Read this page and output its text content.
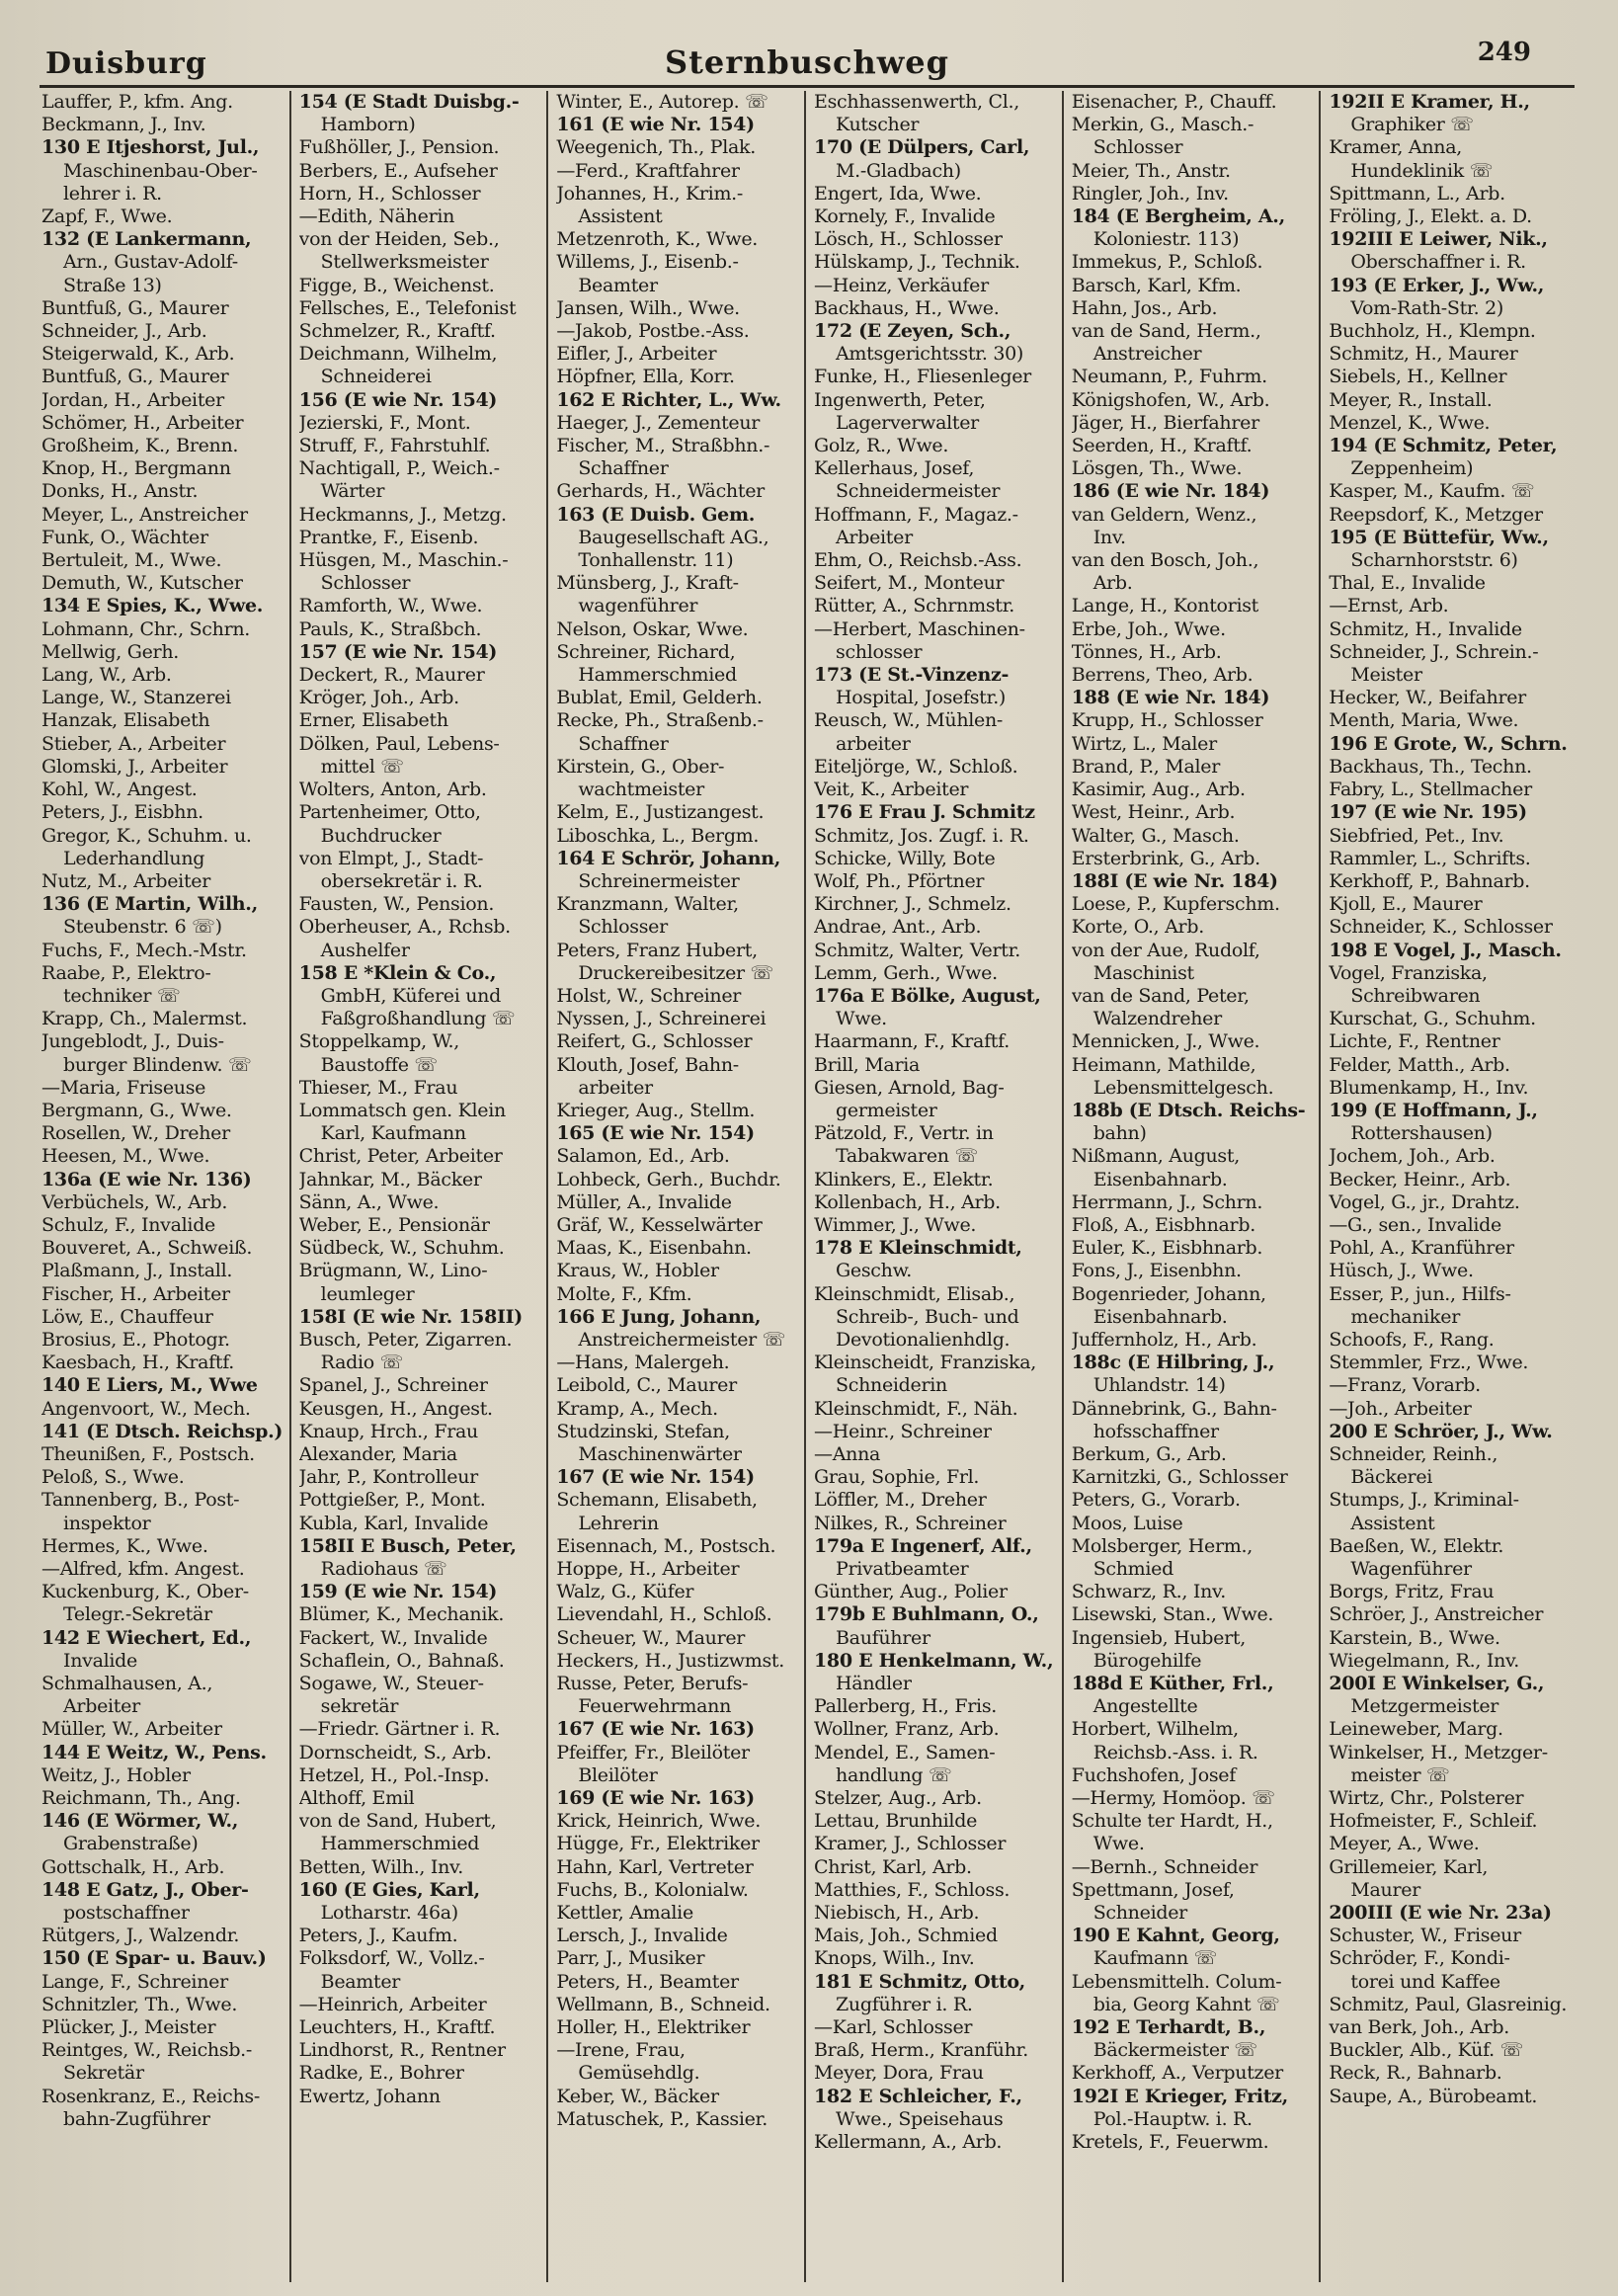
Duisburg	Sternbuschweg	249
Lauffer, P., kfm. Ang.
Beckmann, J., Inv.
130 E Itjeshorst, Jul.,
Maschinenbau-Ober-
lehrer i. R.
Zapf, F., Wwe.
132 (E Lankermann,
Arn., Gustav-Adolf-
Straße 13)
Buntfuß, G., Maurer
Schneider, J., Arb.
Steigerwald, K., Arb.
Buntfuß, G., Maurer
Jordan, H., Arbeiter
Schömer, H., Arbeiter
Großheim, K., Brenn.
Knop, H., Bergmann
Donks, H., Anstr.
Meyer, L., Anstreicher
Funk, O., Wächter
Bertuleit, M., Wwe.
Demuth, W., Kutscher
134 E Spies, K., Wwe.
Lohmann, Chr., Schrn.
Mellwig, Gerh.
Lang, W., Arb.
Lange, W., Stanzerei
Hanzak, Elisabeth
Stieber, A., Arbeiter
Glomski, J., Arbeiter
Kohl, W., Angest.
Peters, J., Eisbhn.
Gregor, K., Schuhm. u.
Lederhandlung
Nutz, M., Arbeiter
136 (E Martin, Wilh.,
Steubenstr. 6 ☏)
Fuchs, F., Mech.-Mstr.
Raabe, P., Elektro-
techniker ☏
Krapp, Ch., Malermst.
Jungeblodt, J., Duis-
burger Blindenw. ☏
—Maria, Friseuse
Bergmann, G., Wwe.
Rosellen, W., Dreher
Heesen, M., Wwe.
136a (E wie Nr. 136)
Verbüchels, W., Arb.
Schulz, F., Invalide
Bouveret, A., Schweiß.
Plaßmann, J., Install.
Fischer, H., Arbeiter
Löw, E., Chauffeur
Brosius, E., Photogr.
Kaesbach, H., Kraftf.
140 E Liers, M., Wwe
Angenvoort, W., Mech.
141 (E Dtsch. Reichsp.)
Theunißen, F., Postsch.
Peloß, S., Wwe.
Tannenberg, B., Post-
inspektor
Hermes, K., Wwe.
—Alfred, kfm. Angest.
Kuckenburg, K., Ober-
Telegr.-Sekretär
142 E Wiechert, Ed.,
Invalide
Schmalhausen, A.,
Arbeiter
Müller, W., Arbeiter
144 E Weitz, W., Pens.
Weitz, J., Hobler
Reichmann, Th., Ang.
146 (E Wörmer, W.,
Grabenstraße)
Gottschalk, H., Arb.
148 E Gatz, J., Ober-
postschaffner
Rütgers, J., Walzendr.
150 (E Spar- u. Bauv.)
Lange, F., Schreiner
Schnitzler, Th., Wwe.
Plücker, J., Meister
Reintges, W., Reichsb.-
Sekretär
Rosenkranz, E., Reichs-
bahn-Zugführer
154 (E Stadt Duisbg.-
Hamborn)
Fußhöller, J., Pension.
Berbers, E., Aufseher
Horn, H., Schlosser
—Edith, Näherin
von der Heiden, Seb.,
Stellwerksmeister
Figge, B., Weichenst.
Fellsches, E., Telefonist
Schmelzer, R., Kraftf.
Deichmann, Wilhelm,
Schneiderei
156 (E wie Nr. 154)
Jezierski, F., Mont.
Struff, F., Fahrstuhlf.
Nachtigall, P., Weich.-
Wärter
Heckmanns, J., Metzg.
Prantke, F., Eisenb.
Hüsgen, M., Maschin.-
Schlosser
Ramforth, W., Wwe.
Pauls, K., Straßbch.
157 (E wie Nr. 154)
Deckert, R., Maurer
Kröger, Joh., Arb.
Erner, Elisabeth
Dölken, Paul, Lebens-
mittel ☏
Wolters, Anton, Arb.
Partenheimer, Otto,
Buchdrucker
von Elmpt, J., Stadt-
obersekretär i. R.
Fausten, W., Pension.
Oberheuser, A., Rchsb.
Aushelfer
158 E *Klein & Co.,
GmbH, Küferei und
Faßgroßhandlung ☏
Stoppelkamp, W.,
Baustoffe ☏
Thieser, M., Frau
Lommatsch gen. Klein
Karl, Kaufmann
Christ, Peter, Arbeiter
Jahnkar, M., Bäcker
Sänn, A., Wwe.
Weber, E., Pensionär
Südbeck, W., Schuhm.
Brügmann, W., Lino-
leumleger
158I (E wie Nr. 158II)
Busch, Peter, Zigarren.
Radio ☏
Spanel, J., Schreiner
Keusgen, H., Angest.
Knaup, Hrch., Frau
Alexander, Maria
Jahr, P., Kontrolleur
Pottgießer, P., Mont.
Kubla, Karl, Invalide
158II E Busch, Peter,
Radiohaus ☏
159 (E wie Nr. 154)
Blümer, K., Mechanik.
Fackert, W., Invalide
Schaflein, O., Bahnaß.
Sogawe, W., Steuer-
sekretär
—Friedr. Gärtner i. R.
Dornscheidt, S., Arb.
Hetzel, H., Pol.-Insp.
Althoff, Emil
von de Sand, Hubert,
Hammerschmied
Betten, Wilh., Inv.
160 (E Gies, Karl,
Lotharstr. 46a)
Peters, J., Kaufm.
Folksdorf, W., Vollz.-
Beamter
—Heinrich, Arbeiter
Leuchters, H., Kraftf.
Lindhorst, R., Rentner
Radke, E., Bohrer
Ewertz, Johann
Winter, E., Autorep. ☏
161 (E wie Nr. 154)
Weegenich, Th., Plak.
—Ferd., Kraftfahrer
Johannes, H., Krim.-
Assistent
Metzenroth, K., Wwe.
Willems, J., Eisenb.-
Beamter
Jansen, Wilh., Wwe.
—Jakob, Postbe.-Ass.
Eifler, J., Arbeiter
Höpfner, Ella, Korr.
162 E Richter, L., Ww.
Haeger, J., Zementeur
Fischer, M., Straßbhn.-
Schaffner
Gerhards, H., Wächter
163 (E Duisb. Gem.
Baugesellschaft AG.,
Tonhallenstr. 11)
Münsberg, J., Kraft-
wagenführer
Nelson, Oskar, Wwe.
Schreiner, Richard,
Hammerschmied
Bublat, Emil, Gelderh.
Recke, Ph., Straßenb.-
Schaffner
Kirstein, G., Ober-
wachtmeister
Kelm, E., Justizangest.
Liboschka, L., Bergm.
164 E Schrör, Johann,
Schreinermeister
Kranzmann, Walter,
Schlosser
Peters, Franz Hubert,
Druckereibesitzer ☏
Holst, W., Schreiner
Nyssen, J., Schreinerei
Reifert, G., Schlosser
Klouth, Josef, Bahn-
arbeiter
Krieger, Aug., Stellm.
165 (E wie Nr. 154)
Salamon, Ed., Arb.
Lohbeck, Gerh., Buchdr.
Müller, A., Invalide
Gräf, W., Kesselwärter
Maas, K., Eisenbahn.
Kraus, W., Hobler
Molte, F., Kfm.
166 E Jung, Johann,
Anstreichermeister ☏
—Hans, Malergeh.
Leibold, C., Maurer
Kramp, A., Mech.
Studzinski, Stefan,
Maschinenwärter
167 (E wie Nr. 154)
Schemann, Elisabeth,
Lehrerin
Eisennach, M., Postsch.
Hoppe, H., Arbeiter
Walz, G., Küfer
Lievendahl, H., Schloß.
Scheuer, W., Maurer
Heckers, H., Justizwmst.
Russe, Peter, Berufs-
Feuerwehrmann
167 (E wie Nr. 163)
Pfeiffer, Fr., Bleilöter
Bleilöter
169 (E wie Nr. 163)
Krick, Heinrich, Wwe.
Hügge, Fr., Elektriker
Hahn, Karl, Vertreter
Fuchs, B., Kolonialw.
Kettler, Amalie
Lersch, J., Invalide
Parr, J., Musiker
Peters, H., Beamter
Wellmann, B., Schneid.
Holler, H., Elektriker
—Irene, Frau,
Gemüsehdlg.
Keber, W., Bäcker
Matuschek, P., Kassier.
Eschhassenwerth, Cl.,
Kutscher
170 (E Dülpers, Carl,
M.-Gladbach)
Engert, Ida, Wwe.
Kornely, F., Invalide
Lösch, H., Schlosser
Hülskamp, J., Technik.
—Heinz, Verkäufer
Backhaus, H., Wwe.
172 (E Zeyen, Sch.,
Amtsgerichtsstr. 30)
Funke, H., Fliesenleger
Ingenwerth, Peter,
Lagerverwalter
Golz, R., Wwe.
Kellerhaus, Josef,
Schneidermeister
Hoffmann, F., Magaz.-
Arbeiter
Ehm, O., Reichsb.-Ass.
Seifert, M., Monteur
Rütter, A., Schrnmstr.
—Herbert, Maschinen-
schlosser
173 (E St.-Vinzenz-
Hospital, Josefstr.)
Reusch, W., Mühlen-
arbeiter
Eiteljörge, W., Schloß.
Veit, K., Arbeiter
176 E Frau J. Schmitz
Schmitz, Jos. Zugf. i. R.
Schicke, Willy, Bote
Wolf, Ph., Pförtner
Kirchner, J., Schmelz.
Andrae, Ant., Arb.
Schmitz, Walter, Vertr.
Lemm, Gerh., Wwe.
176a E Bölke, August,
Wwe.
Haarmann, F., Kraftf.
Brill, Maria
Giesen, Arnold, Bag-
germeister
Pätzold, F., Vertr. in
Tabakwaren ☏
Klinkers, E., Elektr.
Kollenbach, H., Arb.
Wimmer, J., Wwe.
178 E Kleinschmidt,
Geschw.
Kleinschmidt, Elisab.,
Schreib-, Buch- und
Devotionalienhdlg.
Kleinscheidt, Franziska,
Schneiderin
Kleinschmidt, F., Näh.
—Heinr., Schreiner
—Anna
Grau, Sophie, Frl.
Löffler, M., Dreher
Nilkes, R., Schreiner
179a E Ingenerf, Alf.,
Privatbeamter
Günther, Aug., Polier
179b E Buhlmann, O.,
Bauführer
180 E Henkelmann, W.,
Händler
Pallerberg, H., Fris.
Wollner, Franz, Arb.
Mendel, E., Samen-
handlung ☏
Stelzer, Aug., Arb.
Lettau, Brunhilde
Kramer, J., Schlosser
Christ, Karl, Arb.
Matthies, F., Schloss.
Niebisch, H., Arb.
Mais, Joh., Schmied
Knops, Wilh., Inv.
181 E Schmitz, Otto,
Zugführer i. R.
—Karl, Schlosser
Braß, Herm., Kranführ.
Meyer, Dora, Frau
182 E Schleicher, F.,
Wwe., Speisehaus
Kellermann, A., Arb.
Eisenacher, P., Chauff.
Merkin, G., Masch.-
Schlosser
Meier, Th., Anstr.
Ringler, Joh., Inv.
184 (E Bergheim, A.,
Koloniestr. 113)
Immekus, P., Schloß.
Barsch, Karl, Kfm.
Hahn, Jos., Arb.
van de Sand, Herm.,
Anstreicher
Neumann, P., Fuhrm.
Königshofen, W., Arb.
Jäger, H., Bierfahrer
Seerden, H., Kraftf.
Lösgen, Th., Wwe.
186 (E wie Nr. 184)
van Geldern, Wenz.,
Inv.
van den Bosch, Joh.,
Arb.
Lange, H., Kontorist
Erbe, Joh., Wwe.
Tönnes, H., Arb.
Berrens, Theo, Arb.
188 (E wie Nr. 184)
Krupp, H., Schlosser
Wirtz, L., Maler
Brand, P., Maler
Kasimir, Aug., Arb.
West, Heinr., Arb.
Walter, G., Masch.
Ersterbrink, G., Arb.
188I (E wie Nr. 184)
Loese, P., Kupferschm.
Korte, O., Arb.
von der Aue, Rudolf,
Maschinist
van de Sand, Peter,
Walzendreher
Mennicken, J., Wwe.
Heimann, Mathilde,
Lebensmittelgesch.
188b (E Dtsch. Reichs-
bahn)
Nißmann, August,
Eisenbahnarb.
Herrmann, J., Schrn.
Floß, A., Eisbhnarb.
Euler, K., Eisbhnarb.
Fons, J., Eisenbhn.
Bogenrieder, Johann,
Eisenbahnarb.
Juffernholz, H., Arb.
188c (E Hilbring, J.,
Uhlandstr. 14)
Dännebrink, G., Bahn-
hofsschaffner
Berkum, G., Arb.
Karnitzki, G., Schlosser
Peters, G., Vorarb.
Moos, Luise
Molsberger, Herm.,
Schmied
Schwarz, R., Inv.
Lisewski, Stan., Wwe.
Ingensieb, Hubert,
Bürogehilfe
188d E Küther, Frl.,
Angestellte
Horbert, Wilhelm,
Reichsb.-Ass. i. R.
Fuchshofen, Josef
—Hermy, Homöop. ☏
Schulte ter Hardt, H.,
Wwe.
—Bernh., Schneider
Spettmann, Josef,
Schneider
190 E Kahnt, Georg,
Kaufmann ☏
Lebensmittelh. Colum-
bia, Georg Kahnt ☏
192 E Terhardt, B.,
Bäckermeister ☏
Kerkhoff, A., Verputzer
192I E Krieger, Fritz,
Pol.-Hauptw. i. R.
Kretels, F., Feuerwm.
192II E Kramer, H.,
Graphiker ☏
Kramer, Anna,
Hundeklinik ☏
Spittmann, L., Arb.
Fröling, J., Elekt. a. D.
192III E Leiwer, Nik.,
Oberschaffner i. R.
193 (E Erker, J., Ww.,
Vom-Rath-Str. 2)
Buchholz, H., Klempn.
Schmitz, H., Maurer
Siebels, H., Kellner
Meyer, R., Install.
Menzel, K., Wwe.
194 (E Schmitz, Peter,
Zeppenheim)
Kasper, M., Kaufm. ☏
Reepsdorf, K., Metzger
195 (E Büttefür, Ww.,
Scharnhorststr. 6)
Thal, E., Invalide
—Ernst, Arb.
Schmitz, H., Invalide
Schneider, J., Schrein.-
Meister
Hecker, W., Beifahrer
Menth, Maria, Wwe.
196 E Grote, W., Schrn.
Backhaus, Th., Techn.
Fabry, L., Stellmacher
197 (E wie Nr. 195)
Siebfried, Pet., Inv.
Rammler, L., Schrifts.
Kerkhoff, P., Bahnarb.
Kjoll, E., Maurer
Schneider, K., Schlosser
198 E Vogel, J., Masch.
Vogel, Franziska,
Schreibwaren
Kurschat, G., Schuhm.
Lichte, F., Rentner
Felder, Matth., Arb.
Blumenkamp, H., Inv.
199 (E Hoffmann, J.,
Rottershausen)
Jochem, Joh., Arb.
Becker, Heinr., Arb.
Vogel, G., jr., Drahtz.
—G., sen., Invalide
Pohl, A., Kranführer
Hüsch, J., Wwe.
Esser, P., jun., Hilfs-
mechaniker
Schoofs, F., Rang.
Stemmler, Frz., Wwe.
—Franz, Vorarb.
—Joh., Arbeiter
200 E Schröer, J., Ww.
Schneider, Reinh.,
Bäckerei
Stumps, J., Kriminal-
Assistent
Baeßen, W., Elektr.
Wagenführer
Borgs, Fritz, Frau
Schröer, J., Anstreicher
Karstein, B., Wwe.
Wiegelmann, R., Inv.
200I E Winkelser, G.,
Metzgermeister
Leineweber, Marg.
Winkelser, H., Metzger-
meister ☏
Wirtz, Chr., Polsterer
Hofmeister, F., Schleif.
Meyer, A., Wwe.
Grillemeier, Karl,
Maurer
200III (E wie Nr. 23a)
Schuster, W., Friseur
Schröder, F., Kondi-
torei und Kaffee
Schmitz, Paul, Glasreinig.
van Berk, Joh., Arb.
Buckler, Alb., Küf. ☏
Reck, R., Bahnarb.
Saupe, A., Bürobeamt.
